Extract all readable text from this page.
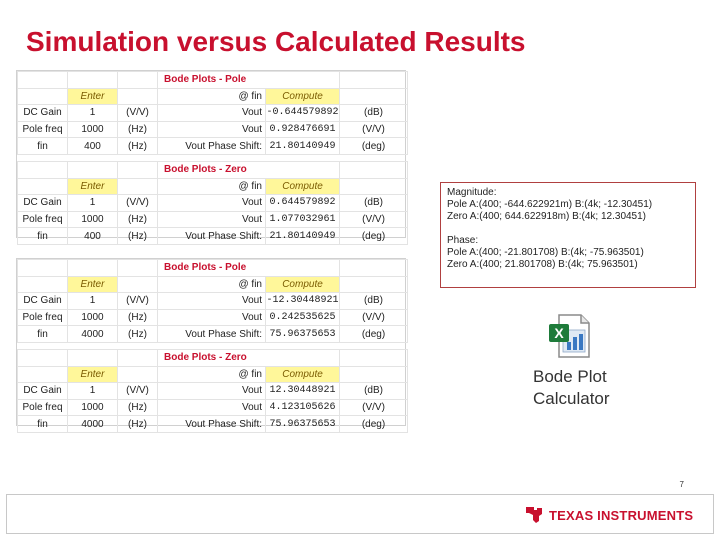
Simulation versus Calculated Results
			Bode Plots - Pole		
	Enter		@ fin	Compute	
DC Gain	1	(V/V)	Vout	-0.644579892	(dB)
Pole freq	1000	(Hz)	Vout	0.928476691	(V/V)
fin	400	(Hz)	Vout Phase Shift:	21.80140949	(deg)
			Bode Plots - Zero		
	Enter		@ fin	Compute	
DC Gain	1	(V/V)	Vout	0.644579892	(dB)
Pole freq	1000	(Hz)	Vout	1.077032961	(V/V)
fin	400	(Hz)	Vout Phase Shift:	21.80140949	(deg)
			Bode Plots - Pole		
	Enter		@ fin	Compute	
DC Gain	1	(V/V)	Vout	-12.30448921	(dB)
Pole freq	1000	(Hz)	Vout	0.242535625	(V/V)
fin	4000	(Hz)	Vout Phase Shift:	75.96375653	(deg)
			Bode Plots - Zero		
	Enter		@ fin	Compute	
DC Gain	1	(V/V)	Vout	12.30448921	(dB)
Pole freq	1000	(Hz)	Vout	4.123105626	(V/V)
fin	4000	(Hz)	Vout Phase Shift:	75.96375653	(deg)
Magnitude:
Pole A:(400; -644.622921m) B:(4k; -12.30451)
Zero A:(400; 644.622918m) B:(4k; 12.30451)
Phase:
Pole A:(400; -21.801708) B:(4k; -75.963501)
Zero A:(400; 21.801708) B:(4k; 75.963501)
X
Bode Plot
Calculator
7
TEXAS INSTRUMENTS
